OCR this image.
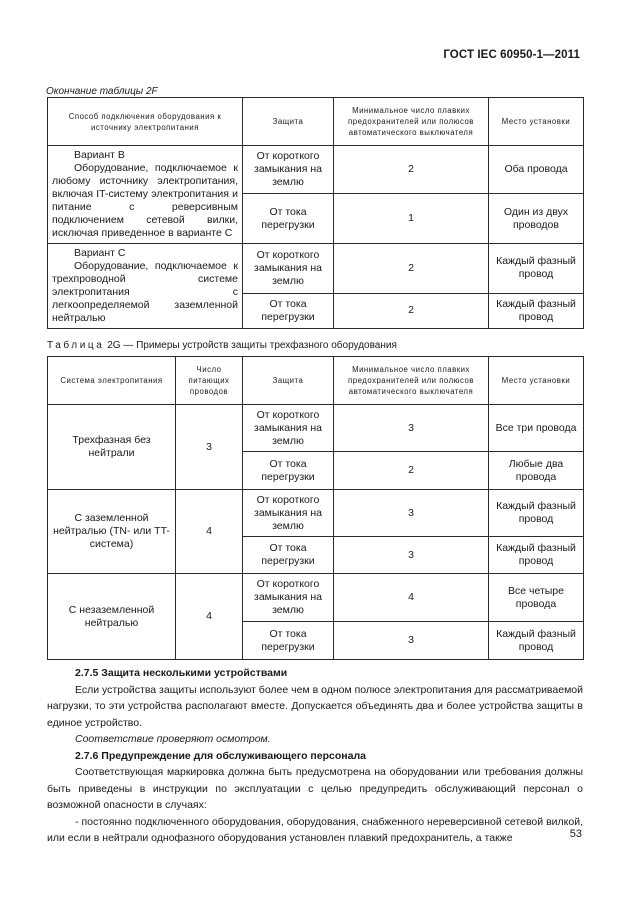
ГОСТ IEC 60950-1—2011
Окончание таблицы 2F
Способ подключения оборудования к источнику электропитания	Защита	Минимальное число плавких предохранителей или полюсов автоматического выключателя	Место установки

Вариант B
Оборудование, подключаемое к любому источнику электропитания, включая IT-систему электропитания и питание с реверсивным подключением сетевой вилки, исключая приведенное в варианте C	От короткого замыкания на землю	2	Оба провода
	От тока перегрузки	1	Один из двух проводов

Вариант C
Оборудование, подключаемое к трехпроводной системе электропитания с легкоопределяемой заземленной нейтралью	От короткого замыкания на землю	2	Каждый фазный провод
	От тока перегрузки	2	Каждый фазный провод
Таблица 2G — Примеры устройств защиты трехфазного оборудования
Система электропитания	Число питающих проводов	Защита	Минимальное число плавких предохранителей или полюсов автоматического выключателя	Место установки
Трехфазная без нейтрали	3	От короткого замыкания на землю	3	Все три провода
		От тока перегрузки	2	Любые два провода
С заземленной нейтралью (TN- или TT-система)	4	От короткого замыкания на землю	3	Каждый фазный провод
		От тока перегрузки	3	Каждый фазный провод
С незаземленной нейтралью	4	От короткого замыкания на землю	4	Все четыре провода
		От тока перегрузки	3	Каждый фазный провод

2.7.5 Защита несколькими устройствами

Если устройства защиты используют более чем в одном полюсе электропитания для рассматриваемой нагрузки, то эти устройства располагают вместе. Допускается объединять два и более устройства защиты в единое устройство.

Соответствие проверяют осмотром.

2.7.6 Предупреждение для обслуживающего персонала

Соответствующая маркировка должна быть предусмотрена на оборудовании или требования должны быть приведены в инструкции по эксплуатации с целью предупредить обслуживающий персонал о возможной опасности в случаях:

- постоянно подключенного оборудования, оборудования, снабженного нереверсивной сетевой вилкой, или если в нейтрали однофазного оборудования установлен плавкий предохранитель, а также	53
